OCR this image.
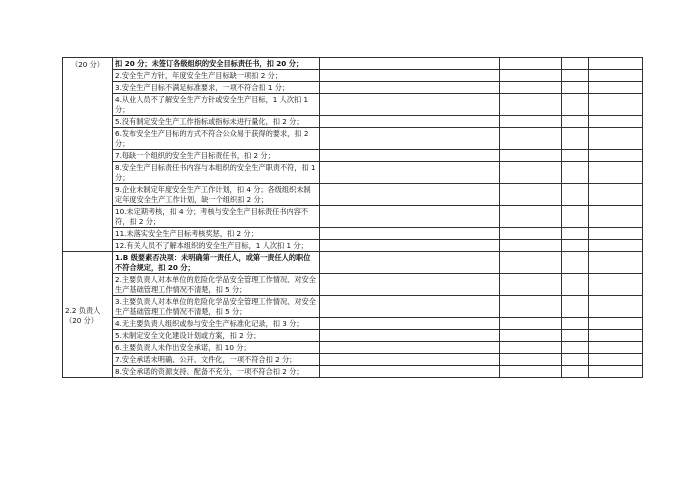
（20 分）	扣 20 分；未签订各级组织的安全目标责任书，扣 20 分；				
	2.安全生产方针，年度安全生产目标缺一项扣 2 分；				
	3.安全生产目标不满足标准要求，一项不符合扣 1 分；				
	4.从业人员不了解安全生产方针或安全生产目标，1 人次扣 1 分；				
	5.没有制定安全生产工作指标或指标未进行量化，扣 2 分；				
	6.发布安全生产目标的方式不符合公众易于获得的要求，扣 2 分；				
	7.每缺一个组织的安全生产目标责任书，扣 2 分；				
	8.安全生产目标责任书内容与本组织的安全生产职责不符，扣 1 分；				
	9.企业未制定年度安全生产工作计划，扣 4 分；各级组织未制定年度安全生产工作计划，缺一个组织扣 2 分；				
	10.未定期考核，扣 4 分；考核与安全生产目标责任书内容不符，扣 2 分；				
	11.未落实安全生产目标考核奖惩，扣 2 分；				
	12.有关人员不了解本组织的安全生产目标，1 人次扣 1 分；				
2.2 负责人（20 分）	1.B 级要素否决项：未明确第一责任人，或第一责任人的职位不符合规定，扣 20 分；				
	2.主要负责人对本单位的危险化学品安全管理工作情况、对安全生产基础管理工作情况不清楚，扣 5 分；				
	3.主要负责人对本单位的危险化学品安全管理工作情况、对安全生产基础管理工作情况不清楚，扣 5 分；				
	4.无主要负责人组织或参与安全生产标准化记录，扣 3 分；				
	5.未制定安全文化建设计划或方案，扣 2 分；				
	6.主要负责人未作出安全承诺，扣 10 分；				
	7.安全承诺未明确、公开、文件化，一项不符合扣 2 分；				
	8.安全承诺的资源支持、配备不充分，一项不符合扣 2 分；				
